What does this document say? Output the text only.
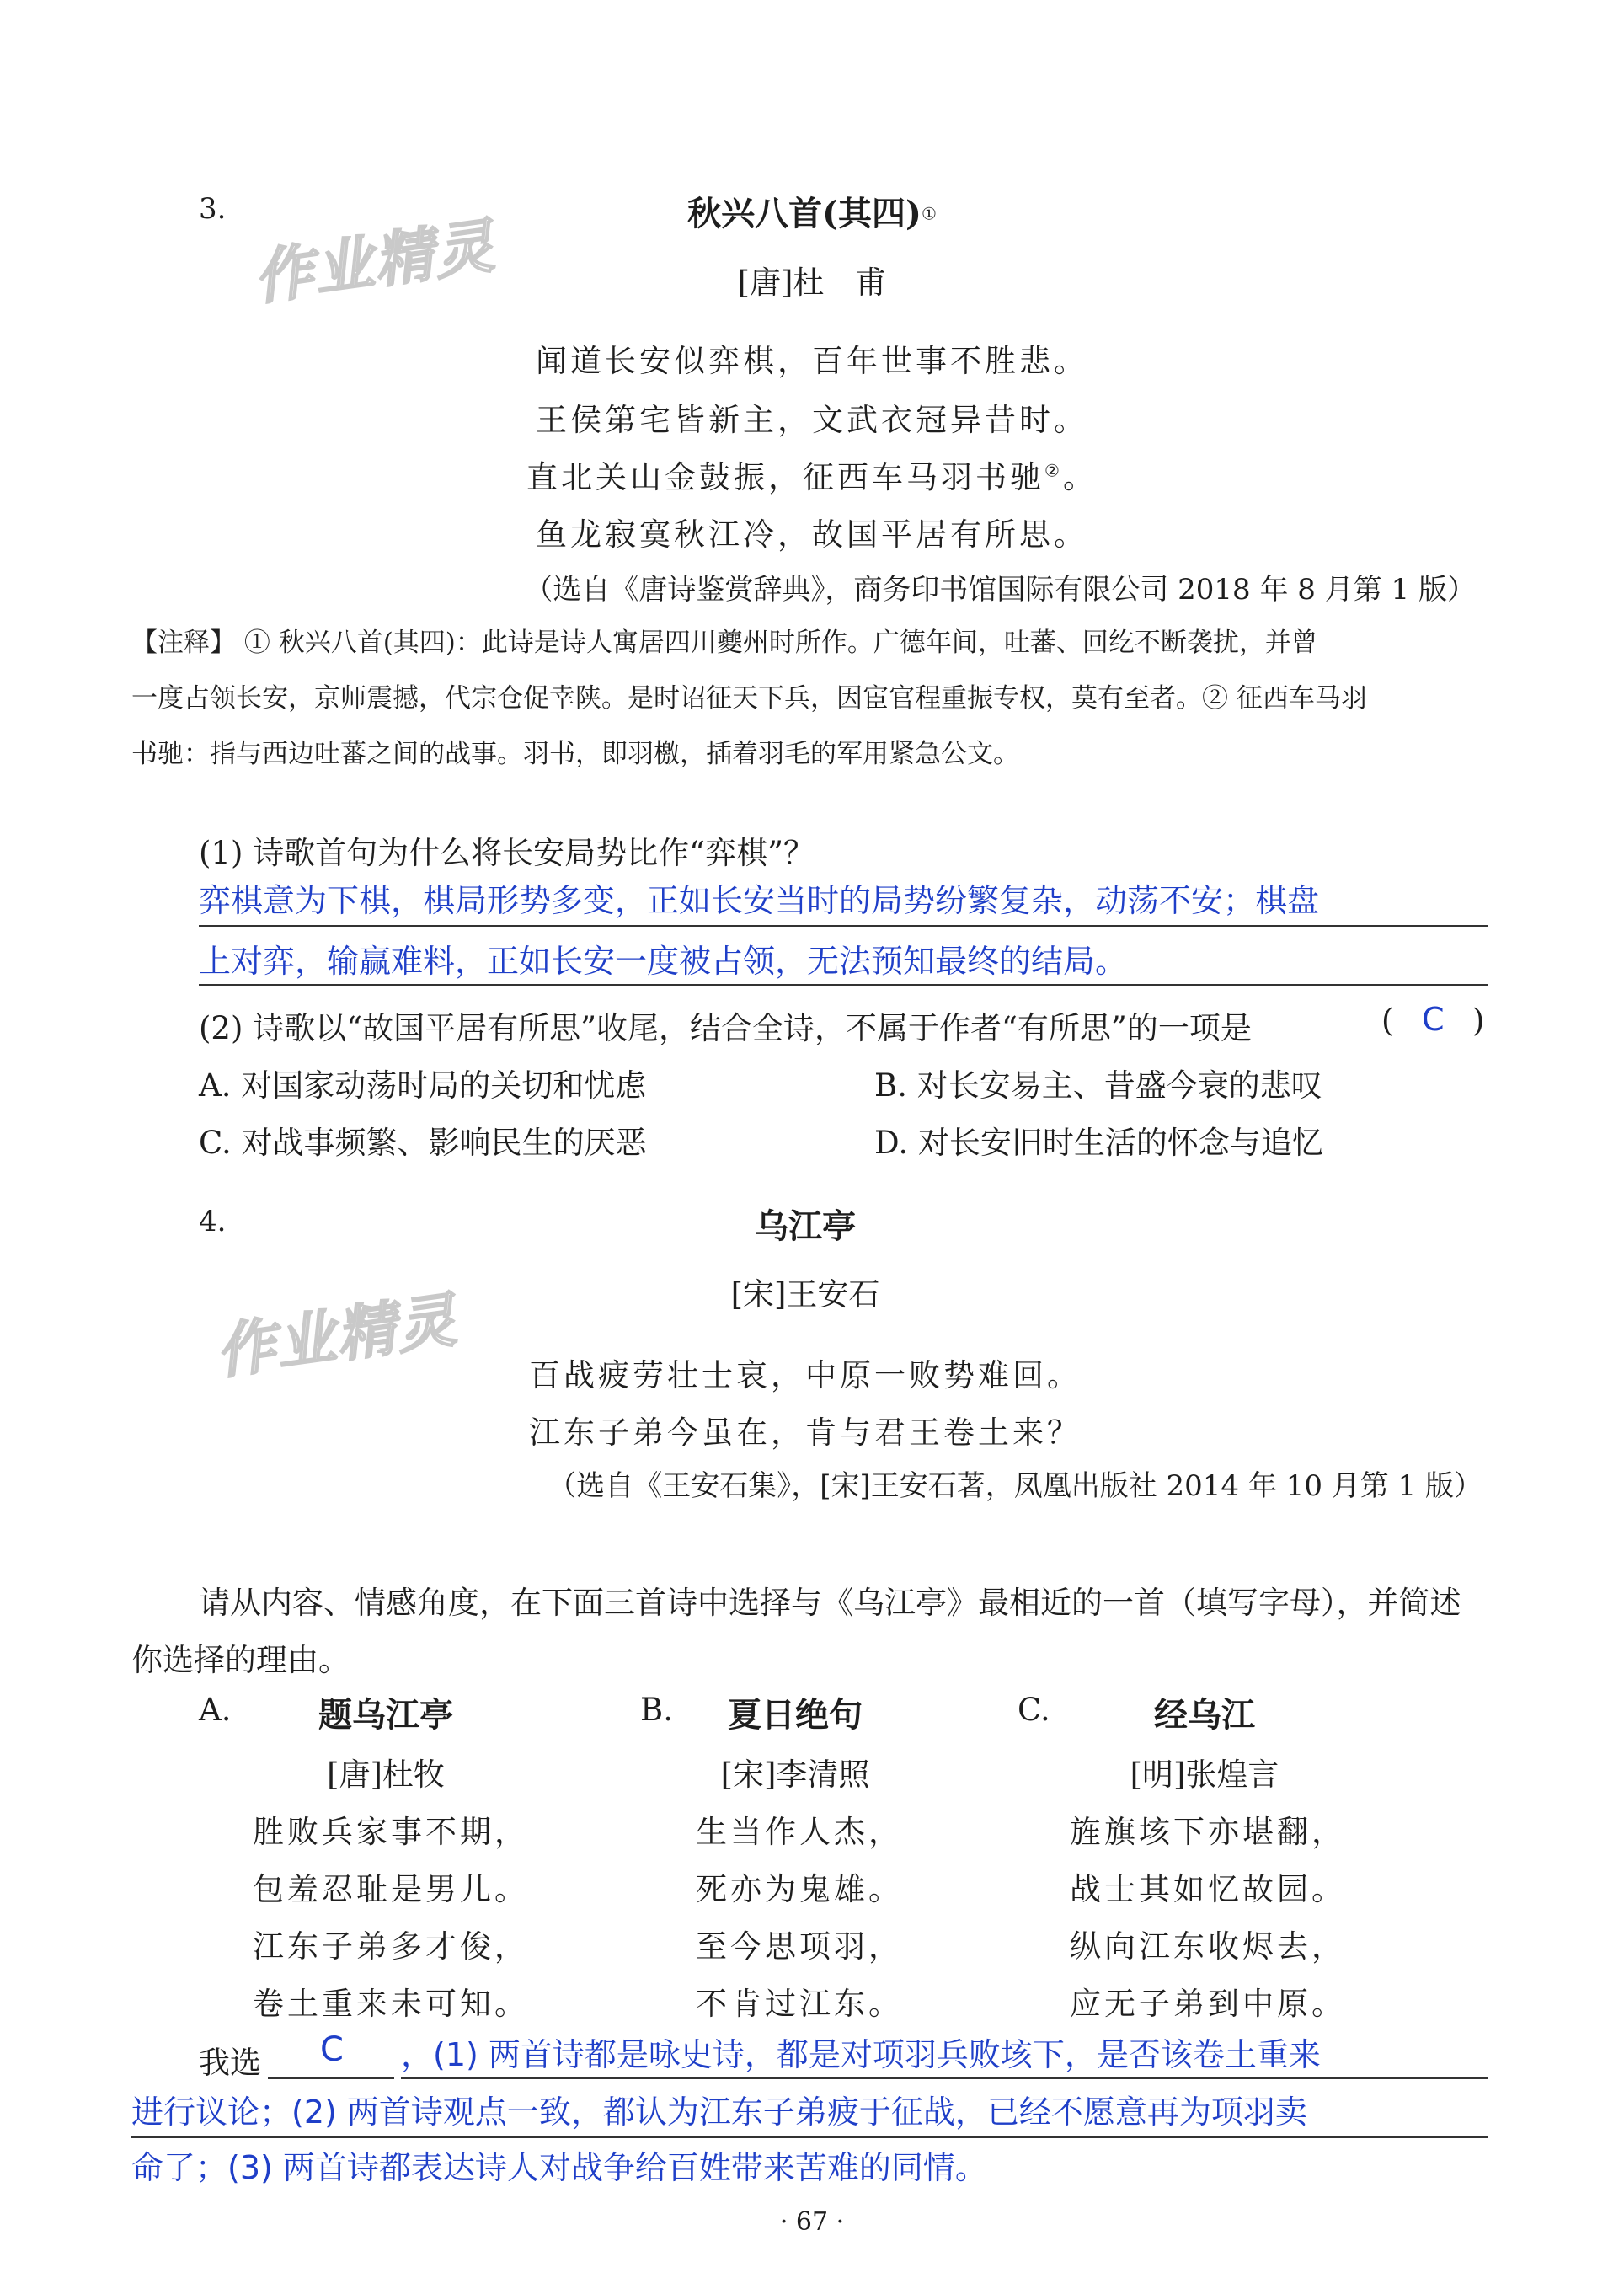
作业精灵
作业精灵
3.	秋兴八首(其四)①
[唐]杜　甫
闻道长安似弈棋，百年世事不胜悲。
王侯第宅皆新主，文武衣冠异昔时。
直北关山金鼓振，征西车马羽书驰②。
鱼龙寂寞秋江冷，故国平居有所思。
（选自《唐诗鉴赏辞典》，商务印书馆国际有限公司 2018 年 8 月第 1 版）
【注释】 ① 秋兴八首(其四)：此诗是诗人寓居四川夔州时所作。广德年间，吐蕃、回纥不断袭扰，并曾
一度占领长安，京师震撼，代宗仓促幸陕。是时诏征天下兵，因宦官程重振专权，莫有至者。② 征西车马羽
书驰：指与西边吐蕃之间的战事。羽书，即羽檄，插着羽毛的军用紧急公文。
(1) 诗歌首句为什么将长安局势比作“弈棋”？
弈棋意为下棋，棋局形势多变，正如长安当时的局势纷繁复杂，动荡不安；棋盘
上对弈，输赢难料，正如长安一度被占领，无法预知最终的结局。
(2) 诗歌以“故国平居有所思”收尾，结合全诗，不属于作者“有所思”的一项是	( C )
A. 对国家动荡时局的关切和忧虑	B. 对长安易主、昔盛今衰的悲叹
C. 对战事频繁、影响民生的厌恶	D. 对长安旧时生活的怀念与追忆
4.	乌江亭
[宋]王安石
百战疲劳壮士哀，中原一败势难回。
江东子弟今虽在，肯与君王卷土来？
（选自《王安石集》，[宋]王安石著，凤凰出版社 2014 年 10 月第 1 版）
请从内容、情感角度，在下面三首诗中选择与《乌江亭》最相近的一首（填写字母），并简述
你选择的理由。
A.	题乌江亭
[唐]杜牧
胜败兵家事不期，
包羞忍耻是男儿。
江东子弟多才俊，
卷土重来未可知。
B. 夏日绝句
[宋]李清照
生当作人杰，
死亦为鬼雄。
至今思项羽，
不肯过江东。
C.	经乌江
[明]张煌言
旌旗垓下亦堪翻，
战士其如忆故园。
纵向江东收烬去，
应无子弟到中原。
我选 C ，(1) 两首诗都是咏史诗，都是对项羽兵败垓下，是否该卷土重来
进行议论；(2) 两首诗观点一致，都认为江东子弟疲于征战，已经不愿意再为项羽卖
命了；(3) 两首诗都表达诗人对战争给百姓带来苦难的同情。
· 67 ·
